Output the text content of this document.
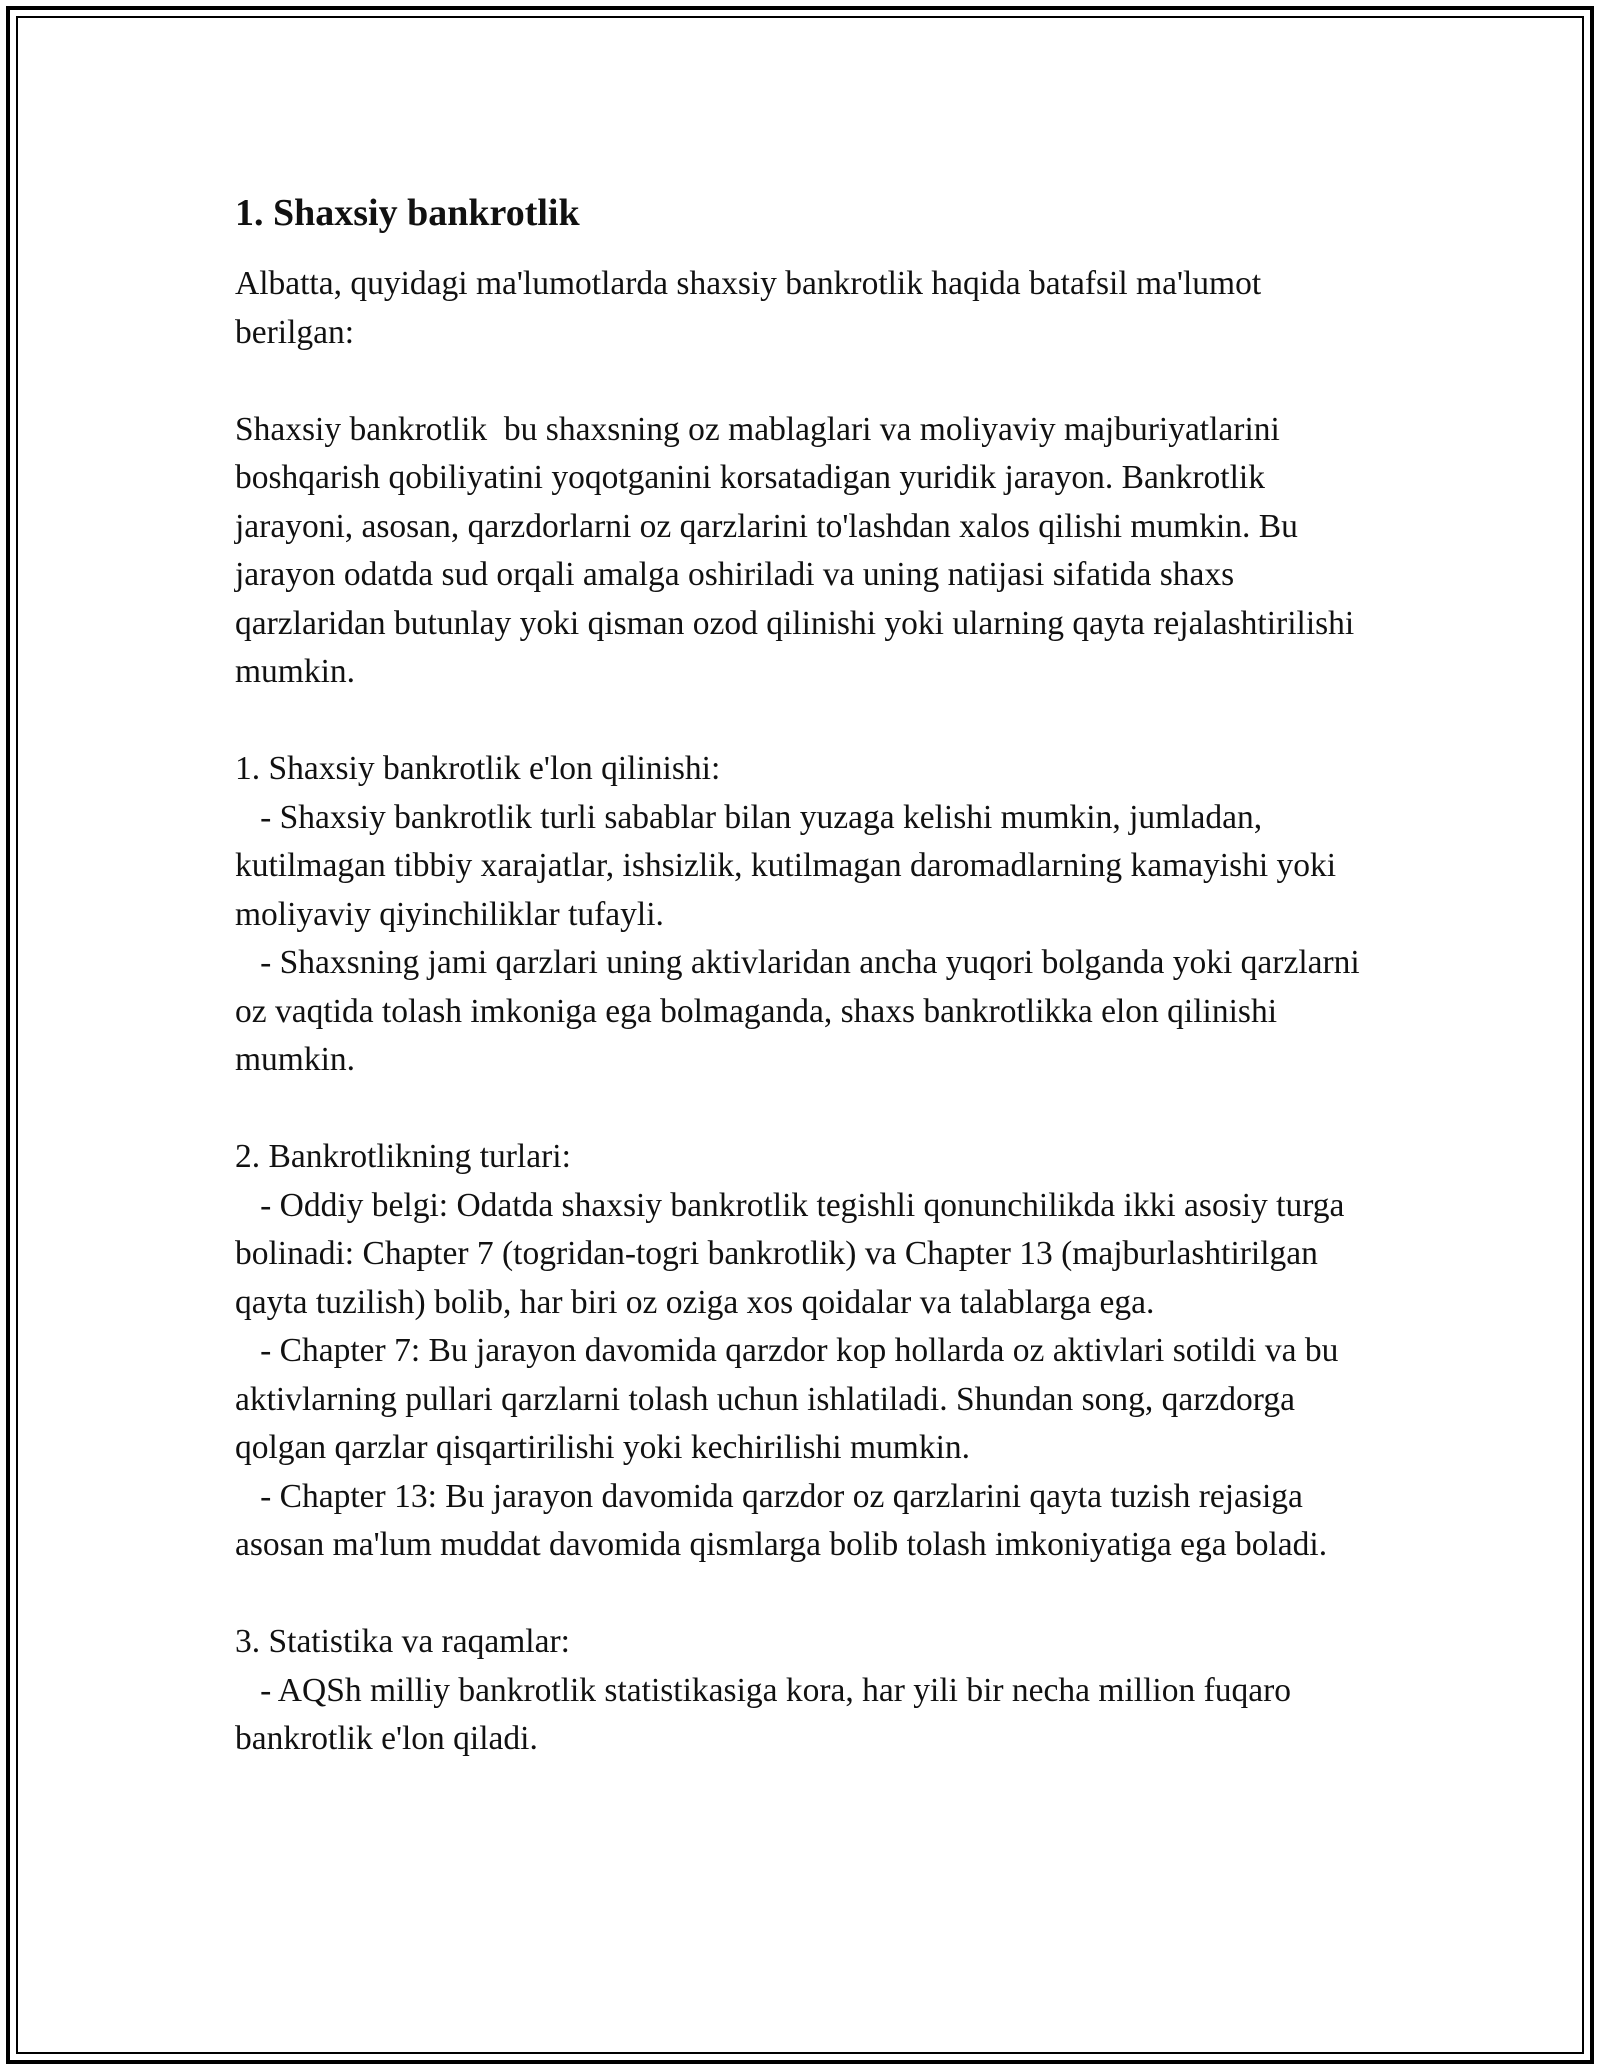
1. Shaxsiy bankrotlik

Albatta, quyidagi ma'lumotlarda shaxsiy bankrotlik haqida batafsil ma'lumot berilgan:

Shaxsiy bankrotlik  bu shaxsning oz mablaglari va moliyaviy majburiyatlarini boshqarish qobiliyatini yoqotganini korsatadigan yuridik jarayon. Bankrotlik jarayoni, asosan, qarzdorlarni oz qarzlarini to'lashdan xalos qilishi mumkin. Bu jarayon odatda sud orqali amalga oshiriladi va uning natijasi sifatida shaxs qarzlaridan butunlay yoki qisman ozod qilinishi yoki ularning qayta rejalashtirilishi mumkin.

1. Shaxsiy bankrotlik e'lon qilinishi:

- Shaxsiy bankrotlik turli sabablar bilan yuzaga kelishi mumkin, jumladan, kutilmagan tibbiy xarajatlar, ishsizlik, kutilmagan daromadlarning kamayishi yoki moliyaviy qiyinchiliklar tufayli.

- Shaxsning jami qarzlari uning aktivlaridan ancha yuqori bolganda yoki qarzlarni oz vaqtida tolash imkoniga ega bolmaganda, shaxs bankrotlikka elon qilinishi mumkin.

2. Bankrotlikning turlari:

- Oddiy belgi: Odatda shaxsiy bankrotlik tegishli qonunchilikda ikki asosiy turga bolinadi: Chapter 7 (togridan-togri bankrotlik) va Chapter 13 (majburlashtirilgan qayta tuzilish) bolib, har biri oz oziga xos qoidalar va talablarga ega.

- Chapter 7: Bu jarayon davomida qarzdor kop hollarda oz aktivlari sotildi va bu aktivlarning pullari qarzlarni tolash uchun ishlatiladi. Shundan song, qarzdorga qolgan qarzlar qisqartirilishi yoki kechirilishi mumkin.

- Chapter 13: Bu jarayon davomida qarzdor oz qarzlarini qayta tuzish rejasiga asosan ma'lum muddat davomida qismlarga bolib tolash imkoniyatiga ega boladi.

3. Statistika va raqamlar:

- AQSh milliy bankrotlik statistikasiga kora, har yili bir necha million fuqaro bankrotlik e'lon qiladi.
